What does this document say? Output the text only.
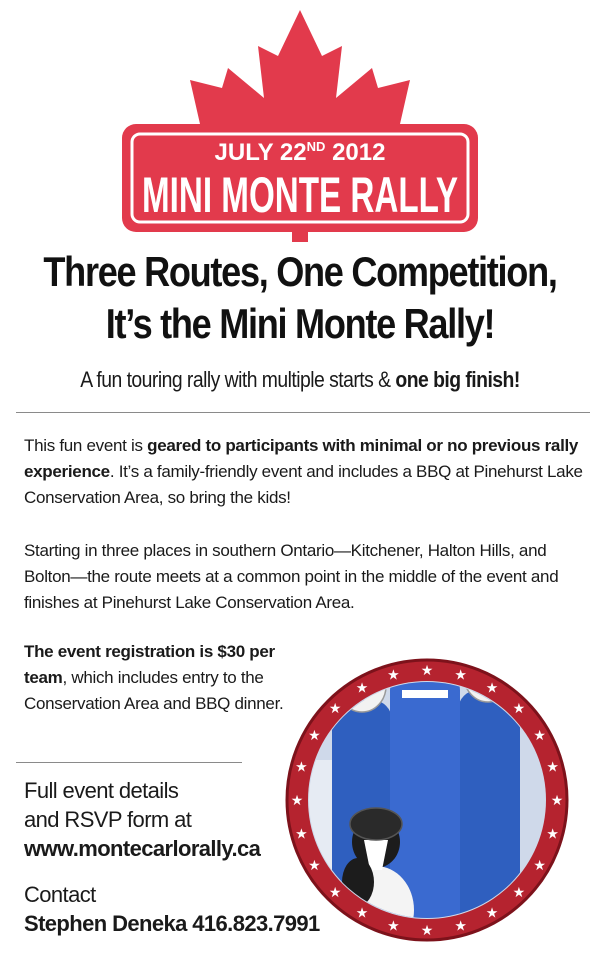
JULY 22ND 2012
MINI MONTE RALLY
Three Routes, One Competition,
It’s the Mini Monte Rally!
A fun touring rally with multiple starts & one big finish!
This fun event is geared to participants with minimal or no previous rally experience. It’s a family-friendly event and includes a BBQ at Pinehurst Lake Conservation Area, so bring the kids!
Starting in three places in southern Ontario—Kitchener, Halton Hills, and Bolton—the route meets at a common point in the middle of the event and finishes at Pinehurst Lake Conservation Area.
The event registration is $30 per team, which includes entry to the Conservation Area and BBQ dinner.
Full event details
and RSVP form at
www.montecarlorally.ca
Contact
Stephen Deneka 416.823.7991
★
★
★
★
★
★
★
★
★
★
★
★
★
★
★
★
★
★ ★ ★
★
★
★
★
